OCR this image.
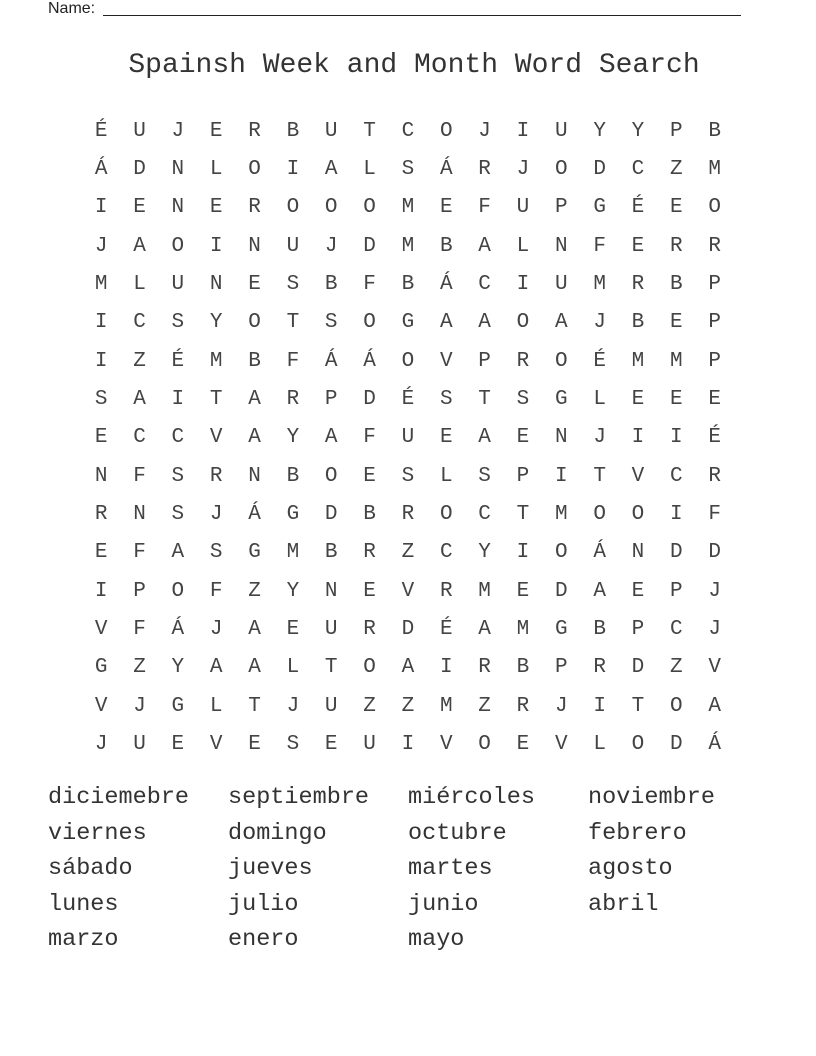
Name:
Spainsh Week and Month Word Search
É	U	J	E	R	B	U	T	C	O	J	I	U	Y	Y	P	B
Á	D	N	L	O	I	A	L	S	Á	R	J	O	D	C	Z	M
I	E	N	E	R	O	O	O	M	E	F	U	P	G	É	E	O
J	A	O	I	N	U	J	D	M	B	A	L	N	F	E	R	R
M	L	U	N	E	S	B	F	B	Á	C	I	U	M	R	B	P
I	C	S	Y	O	T	S	O	G	A	A	O	A	J	B	E	P
I	Z	É	M	B	F	Á	Á	O	V	P	R	O	É	M	M	P
S	A	I	T	A	R	P	D	É	S	T	S	G	L	E	E	E
E	C	C	V	A	Y	A	F	U	E	A	E	N	J	I	I	É
N	F	S	R	N	B	O	E	S	L	S	P	I	T	V	C	R
R	N	S	J	Á	G	D	B	R	O	C	T	M	O	O	I	F
E	F	A	S	G	M	B	R	Z	C	Y	I	O	Á	N	D	D
I	P	O	F	Z	Y	N	E	V	R	M	E	D	A	E	P	J
V	F	Á	J	A	E	U	R	D	É	A	M	G	B	P	C	J
G	Z	Y	A	A	L	T	O	A	I	R	B	P	R	D	Z	V
V	J	G	L	T	J	U	Z	Z	M	Z	R	J	I	T	O	A
J	U	E	V	E	S	E	U	I	V	O	E	V	L	O	D	Á
diciemebre	septiembre	miércoles	noviembre
viernes	domingo	octubre	febrero
sábado	jueves	martes	agosto
lunes	julio	junio	abril
marzo	enero	mayo
